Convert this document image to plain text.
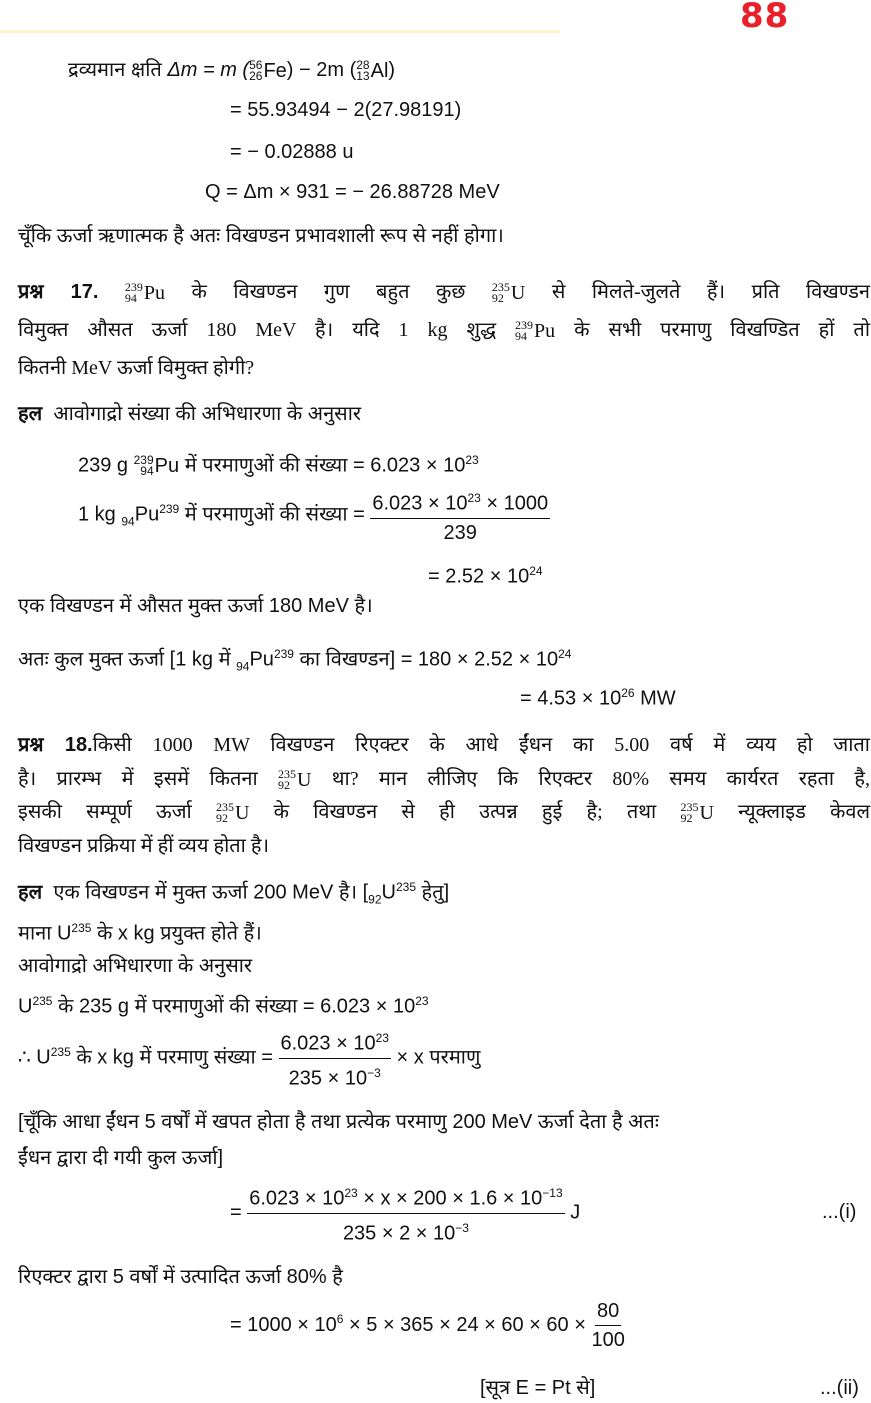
88
द्रव्यमान क्षति Δm = m ( 56
26 Fe ) − 2m ( 28
13 Al )
= 55.93494 − 2(27.98191)
= − 0.02888 u
Q = Δm × 931 = − 26.88728 MeV
चूँकि ऊर्जा ऋणात्मक है अतः विखण्डन प्रभावशाली रूप से नहीं होगा।
प्रश्न 17. 239
94 Pu के विखण्डन गुण बहुत कुछ 235
92 U से मिलते-जुलते हैं। प्रति विखण्डन
विमुक्त औसत ऊर्जा 180 MeV है। यदि 1 kg शुद्ध 239
94 Pu के सभी परमाणु विखण्डित हों तो
कितनी MeV ऊर्जा विमुक्त होगी?
हल आवोगाद्रो संख्या की अभिधारणा के अनुसार
239 g 239
94 Pu में परमाणुओं की संख्या = $6.023 \times 10^{23}$
1 kg $_{94}Pu^{239}$ में परमाणुओं की संख्या = $\frac{6.023 \times 10^{23} \times 1000}{239}$
= $2.52 \times 10^{24}$
एक विखण्डन में औसत मुक्त ऊर्जा 180 MeV है।
अतः कुल मुक्त ऊर्जा [1 kg में $_{94}Pu^{239}$ का विखण्डन] = $180 \times 2.52 \times 10^{24}$
= $4.53 \times 10^{26}$ MW
प्रश्न 18.किसी 1000 MW विखण्डन रिएक्टर के आधे ईंधन का 5.00 वर्ष में व्यय हो जाता
है। प्रारम्भ में इसमें कितना 235
92 U था? मान लीजिए कि रिएक्टर 80% समय कार्यरत रहता है,
इसकी सम्पूर्ण ऊर्जा 235
92 U के विखण्डन से ही उत्पन्न हुई है; तथा 235
92 U न्यूक्लाइड केवल
विखण्डन प्रक्रिया में हीं व्यय होता है।
हल एक विखण्डन में मुक्त ऊर्जा 200 MeV है। [$_{92}U^{235}$ हेतु]
माना $U^{235}$ के x kg प्रयुक्त होते हैं।
आवोगाद्रो अभिधारणा के अनुसार
$U^{235}$ के 235 g में परमाणुओं की संख्या = $6.023 \times 10^{23}$
∴ $U^{235}$ के x kg में परमाणु संख्या = $\frac{6.023 \times 10^{23}}{235 \times 10^{-3}} \times x$ परमाणु
[चूँकि आधा ईंधन 5 वर्षों में खपत होता है तथा प्रत्येक परमाणु 200 MeV ऊर्जा देता है अतः
ईंधन द्वारा दी गयी कुल ऊर्जा]
= $\frac{6.023 \times 10^{23} \times x \times 200 \times 1.6 \times 10^{-13}}{235 \times 2 \times 10^{-3}}$ J	...(i)
रिएक्टर द्वारा 5 वर्षों में उत्पादित ऊर्जा 80% है
= $1000 \times 10^6 \times 5 \times 365 \times 24 \times 60 \times 60 \times \frac{80}{100}$
[सूत्र E = Pt से]	...(ii)
